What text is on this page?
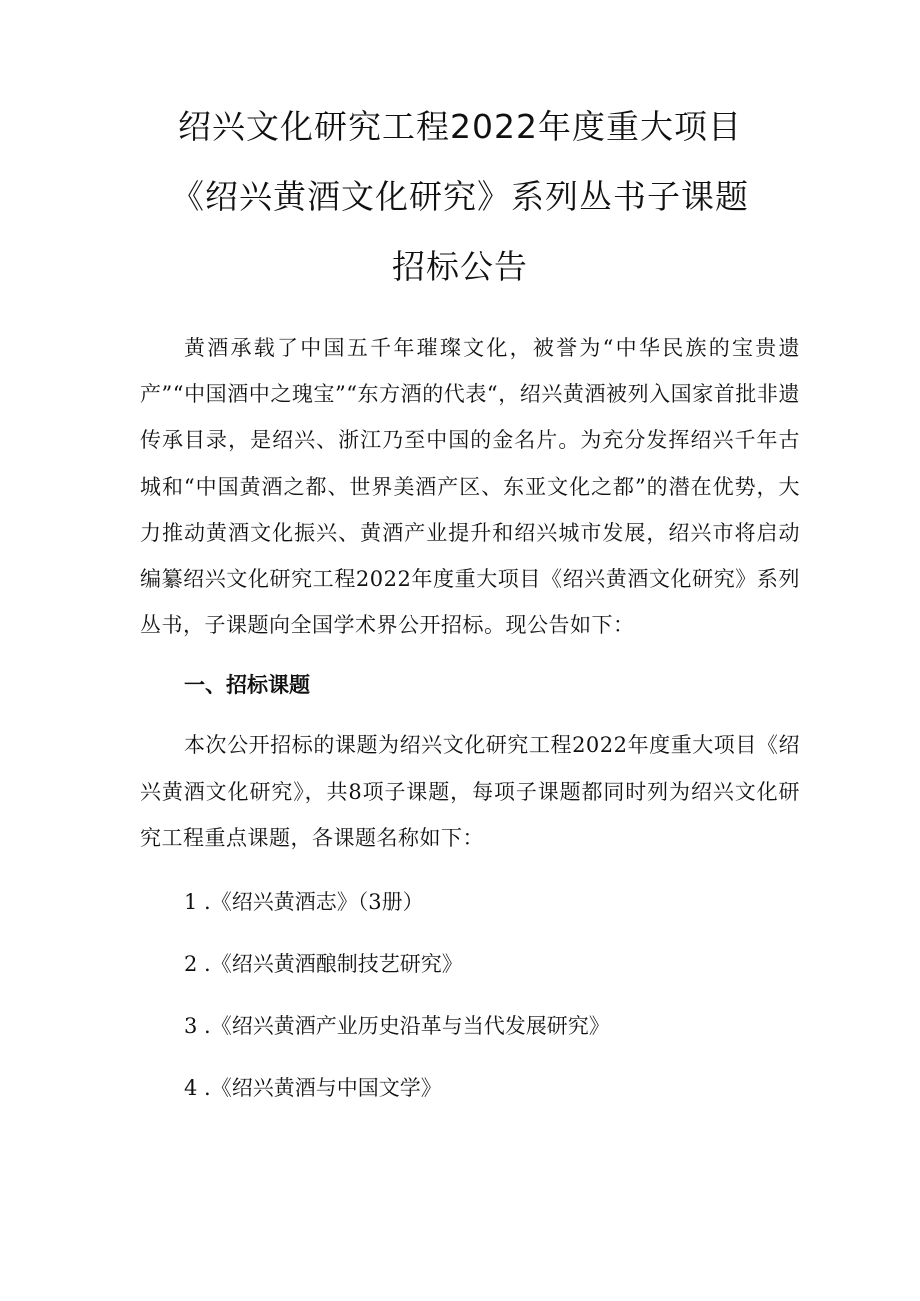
绍兴文化研究工程2022年度重大项目
《绍兴黄酒文化研究》系列丛书子课题
招标公告

黄酒承载了中国五千年璀璨文化，被誉为“中华民族的宝贵遗产”“中国酒中之瑰宝”“东方酒的代表“，绍兴黄酒被列入国家首批非遗传承目录，是绍兴、浙江乃至中国的金名片。为充分发挥绍兴千年古城和“中国黄酒之都、世界美酒产区、东亚文化之都”的潜在优势，大力推动黄酒文化振兴、黄酒产业提升和绍兴城市发展，绍兴市将启动编纂绍兴文化研究工程2022年度重大项目《绍兴黄酒文化研究》系列丛书，子课题向全国学术界公开招标。现公告如下：

一、招标课题

本次公开招标的课题为绍兴文化研究工程2022年度重大项目《绍兴黄酒文化研究》，共8项子课题，每项子课题都同时列为绍兴文化研究工程重点课题，各课题名称如下：

1 .《绍兴黄酒志》（3册）
2 .《绍兴黄酒酿制技艺研究》
3 .《绍兴黄酒产业历史沿革与当代发展研究》
4 .《绍兴黄酒与中国文学》
